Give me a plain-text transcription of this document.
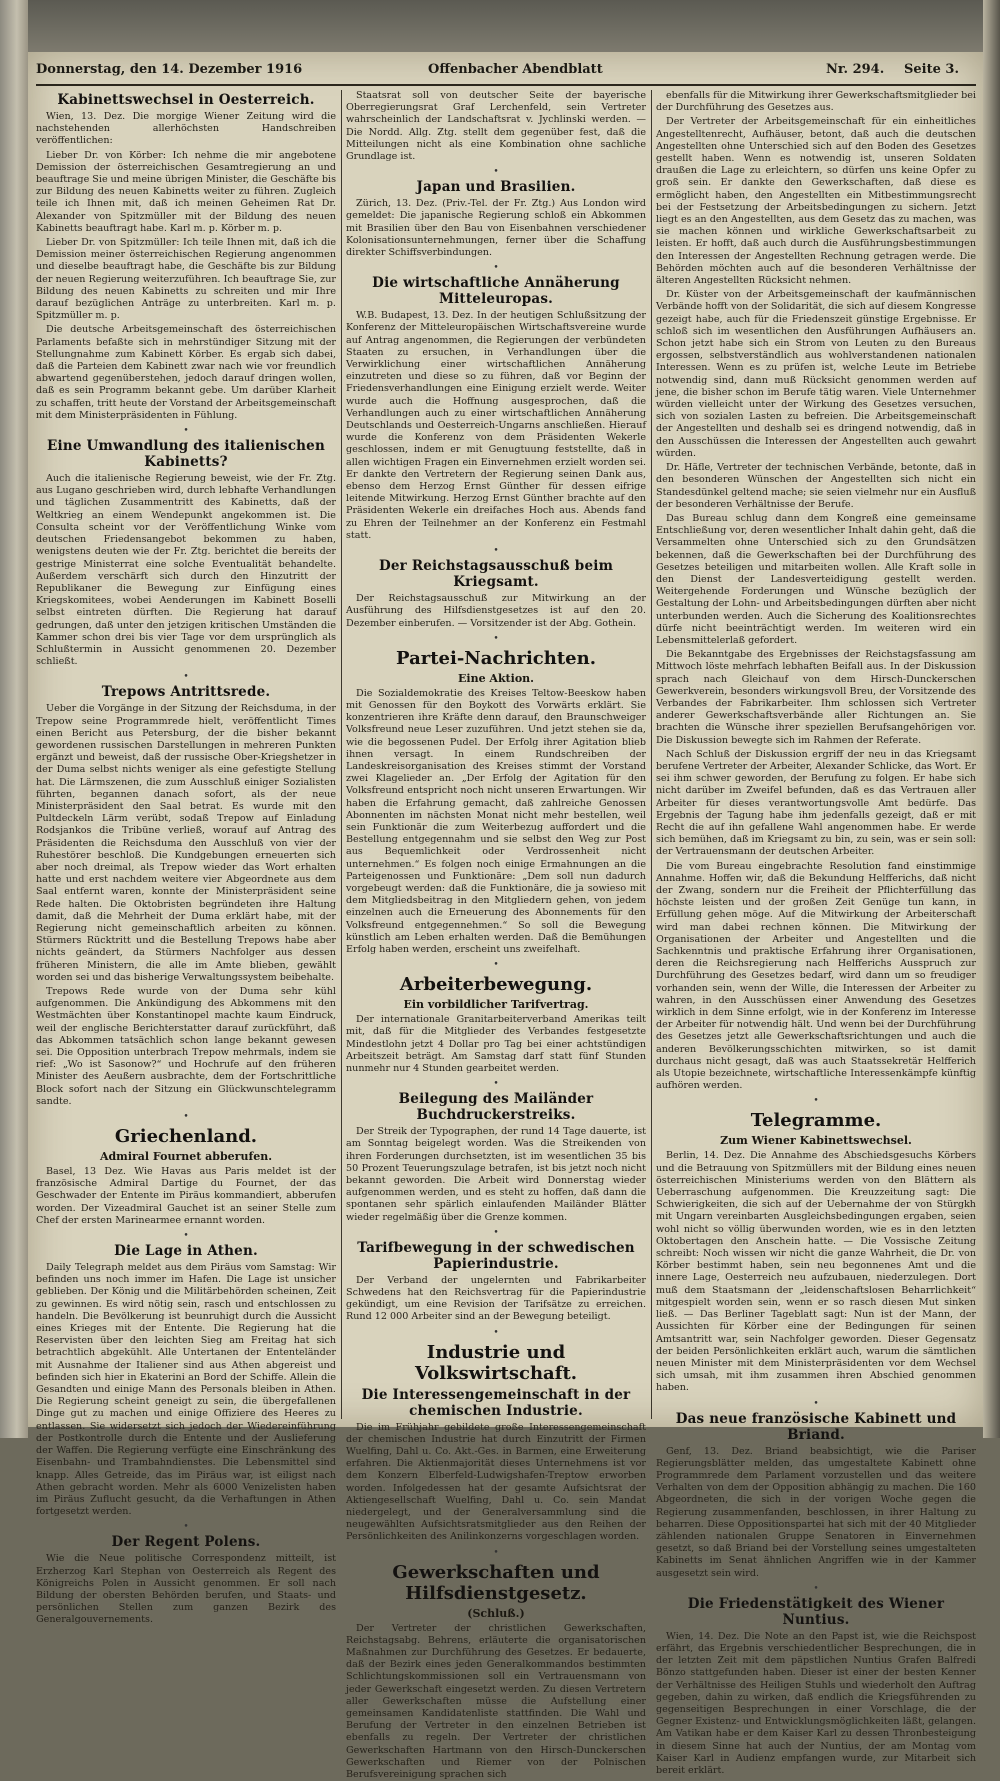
Donnerstag, den 14. Dezember 1916	Offenbacher Abendblatt	Nr. 294. Seite 3.
Kabinettswechsel in Oesterreich.

Wien, 13. Dez. Die morgige Wiener Zeitung wird die nachstehenden allerhöchsten Handschreiben veröffentlichen:

Lieber Dr. von Körber: Ich nehme die mir angebotene Demission der österreichischen Gesamtregierung an und beauftrage Sie und meine übrigen Minister, die Geschäfte bis zur Bildung des neuen Kabinetts weiter zu führen. Zugleich teile ich Ihnen mit, daß ich meinen Geheimen Rat Dr. Alexander von Spitzmüller mit der Bildung des neuen Kabinetts beauftragt habe. Karl m. p. Körber m. p.

Lieber Dr. von Spitzmüller: Ich teile Ihnen mit, daß ich die Demission meiner österreichischen Regierung angenommen und dieselbe beauftragt habe, die Geschäfte bis zur Bildung der neuen Regierung weiterzuführen. Ich beauftrage Sie, zur Bildung des neuen Kabinetts zu schreiten und mir Ihre darauf bezüglichen Anträge zu unterbreiten. Karl m. p. Spitzmüller m. p.

Die deutsche Arbeitsgemeinschaft des österreichischen Parlaments befaßte sich in mehrstündiger Sitzung mit der Stellungnahme zum Kabinett Körber. Es ergab sich dabei, daß die Parteien dem Kabinett zwar nach wie vor freundlich abwartend gegenüberstehen, jedoch darauf dringen wollen, daß es sein Programm bekannt gebe. Um darüber Klarheit zu schaffen, tritt heute der Vorstand der Arbeitsgemeinschaft mit dem Ministerpräsidenten in Fühlung.

•
Eine Umwandlung des italienischen Kabinetts?

Auch die italienische Regierung beweist, wie der Fr. Ztg. aus Lugano geschrieben wird, durch lebhafte Verhandlungen und täglichen Zusammentritt des Kabinetts, daß der Weltkrieg an einem Wendepunkt angekommen ist. Die Consulta scheint vor der Veröffentlichung Winke vom deutschen Friedensangebot bekommen zu haben, wenigstens deuten wie der Fr. Ztg. berichtet die bereits der gestrige Ministerrat eine solche Eventualität behandelte. Außerdem verschärft sich durch den Hinzutritt der Republikaner die Bewegung zur Einfügung eines Kriegskomitees, wobei Aenderungen im Kabinett Boselli selbst eintreten dürften. Die Regierung hat darauf gedrungen, daß unter den jetzigen kritischen Umständen die Kammer schon drei bis vier Tage vor dem ursprünglich als Schlußtermin in Aussicht genommenen 20. Dezember schließt.

•
Trepows Antrittsrede.

Ueber die Vorgänge in der Sitzung der Reichsduma, in der Trepow seine Programmrede hielt, veröffentlicht Times einen Bericht aus Petersburg, der die bisher bekannt gewordenen russischen Darstellungen in mehreren Punkten ergänzt und beweist, daß der russische Ober-Kriegshetzer in der Duma selbst nichts weniger als eine gefestigte Stellung hat. Die Lärmszenen, die zum Ausschluß einiger Sozialisten führten, begannen danach sofort, als der neue Ministerpräsident den Saal betrat. Es wurde mit den Pultdeckeln Lärm verübt, sodaß Trepow auf Einladung Rodsjankos die Tribüne verließ, worauf auf Antrag des Präsidenten die Reichsduma den Ausschluß von vier der Ruhestörer beschloß. Die Kundgebungen erneuerten sich aber noch dreimal, als Trepow wieder das Wort erhalten hatte und erst nachdem weitere vier Abgeordnete aus dem Saal entfernt waren, konnte der Ministerpräsident seine Rede halten. Die Oktobristen begründeten ihre Haltung damit, daß die Mehrheit der Duma erklärt habe, mit der Regierung nicht gemeinschaftlich arbeiten zu können. Stürmers Rücktritt und die Bestellung Trepows habe aber nichts geändert, da Stürmers Nachfolger aus dessen früheren Ministern, die alle im Amte blieben, gewählt worden sei und das bisherige Verwaltungssystem beibehalte.

Trepows Rede wurde von der Duma sehr kühl aufgenommen. Die Ankündigung des Abkommens mit den Westmächten über Konstantinopel machte kaum Eindruck, weil der englische Berichterstatter darauf zurückführt, daß das Abkommen tatsächlich schon lange bekannt gewesen sei. Die Opposition unterbrach Trepow mehrmals, indem sie rief: „Wo ist Sasonow?“ und Hochrufe auf den früheren Minister des Aeußern ausbrachte, dem der Fortschrittliche Block sofort nach der Sitzung ein Glückwunschtelegramm sandte.

•
Griechenland.
Admiral Fournet abberufen.

Basel, 13 Dez. Wie Havas aus Paris meldet ist der französische Admiral Dartige du Fournet, der das Geschwader der Entente im Piräus kommandiert, abberufen worden. Der Vizeadmiral Gauchet ist an seiner Stelle zum Chef der ersten Marinearmee ernannt worden.

•
Die Lage in Athen.

Daily Telegraph meldet aus dem Piräus vom Samstag: Wir befinden uns noch immer im Hafen. Die Lage ist unsicher geblieben. Der König und die Militärbehörden scheinen, Zeit zu gewinnen. Es wird nötig sein, rasch und entschlossen zu handeln. Die Bevölkerung ist beunruhigt durch die Aussicht eines Krieges mit der Entente. Die Regierung hat die Reservisten über den leichten Sieg am Freitag hat sich betrachtlich abgekühlt. Alle Untertanen der Ententeländer mit Ausnahme der Italiener sind aus Athen abgereist und befinden sich hier in Ekaterini an Bord der Schiffe. Allein die Gesandten und einige Mann des Personals bleiben in Athen. Die Regierung scheint geneigt zu sein, die übergefallenen Dinge gut zu machen und einige Offiziere des Heeres zu entlassen. Sie widersetzt sich jedoch der Wiedereinführung der Postkontrolle durch die Entente und der Auslieferung der Waffen. Die Regierung verfügte eine Einschränkung des Eisenbahn- und Trambahndienstes. Die Lebensmittel sind knapp. Alles Getreide, das im Piräus war, ist eiligst nach Athen gebracht worden. Mehr als 6000 Venizelisten haben im Piräus Zuflucht gesucht, da die Verhaftungen in Athen fortgesetzt werden.

•
Der Regent Polens.

Wie die Neue politische Correspondenz mitteilt, ist Erzherzog Karl Stephan von Oesterreich als Regent des Königreichs Polen in Aussicht genommen. Er soll nach Bildung der obersten Behörden berufen, und Staats- und persönlichen Stellen zum ganzen Bezirk des Generalgouvernements.

Staatsrat soll von deutscher Seite der bayerische Oberregierungsrat Graf Lerchenfeld, sein Vertreter wahrscheinlich der Landschaftsrat v. Jychlinski werden. — Die Nordd. Allg. Ztg. stellt dem gegenüber fest, daß die Mitteilungen nicht als eine Kombination ohne sachliche Grundlage ist.

•
Japan und Brasilien.

Zürich, 13. Dez. (Priv.-Tel. der Fr. Ztg.) Aus London wird gemeldet: Die japanische Regierung schloß ein Abkommen mit Brasilien über den Bau von Eisenbahnen verschiedener Kolonisationsunternehmungen, ferner über die Schaffung direkter Schiffsverbindungen.

•
Die wirtschaftliche Annäherung Mitteleuropas.

W.B. Budapest, 13. Dez. In der heutigen Schlußsitzung der Konferenz der Mitteleuropäischen Wirtschaftsvereine wurde auf Antrag angenommen, die Regierungen der verbündeten Staaten zu ersuchen, in Verhandlungen über die Verwirklichung einer wirtschaftlichen Annäherung einzutreten und diese so zu führen, daß vor Beginn der Friedensverhandlungen eine Einigung erzielt werde. Weiter wurde auch die Hoffnung ausgesprochen, daß die Verhandlungen auch zu einer wirtschaftlichen Annäherung Deutschlands und Oesterreich-Ungarns anschließen. Hierauf wurde die Konferenz von dem Präsidenten Wekerle geschlossen, indem er mit Genugtuung feststellte, daß in allen wichtigen Fragen ein Einvernehmen erzielt worden sei. Er dankte den Vertretern der Regierung seinen Dank aus, ebenso dem Herzog Ernst Günther für dessen eifrige leitende Mitwirkung. Herzog Ernst Günther brachte auf den Präsidenten Wekerle ein dreifaches Hoch aus. Abends fand zu Ehren der Teilnehmer an der Konferenz ein Festmahl statt.

•
Der Reichstagsausschuß beim Kriegsamt.

Der Reichstagsausschuß zur Mitwirkung an der Ausführung des Hilfsdienstgesetzes ist auf den 20. Dezember einberufen. — Vorsitzender ist der Abg. Gothein.

•
Partei-Nachrichten.
Eine Aktion.

Die Sozialdemokratie des Kreises Teltow-Beeskow haben mit Genossen für den Boykott des Vorwärts erklärt. Sie konzentrieren ihre Kräfte denn darauf, den Braunschweiger Volksfreund neue Leser zuzuführen. Und jetzt stehen sie da, wie die begossenen Pudel. Der Erfolg ihrer Agitation blieb ihnen versagt. In einem Rundschreiben der Landeskreisorganisation des Kreises stimmt der Vorstand zwei Klagelieder an. „Der Erfolg der Agitation für den Volksfreund entspricht noch nicht unseren Erwartungen. Wir haben die Erfahrung gemacht, daß zahlreiche Genossen Abonnenten im nächsten Monat nicht mehr bestellen, weil sein Funktionär die zum Weiterbezug auffordert und die Bestellung entgegennahm und sie selbst den Weg zur Post aus Bequemlichkeit oder Verdrossenheit nicht unternehmen.“ Es folgen noch einige Ermahnungen an die Parteigenossen und Funktionäre: „Dem soll nun dadurch vorgebeugt werden: daß die Funktionäre, die ja sowieso mit dem Mitgliedsbeitrag in den Mitgliedern gehen, von jedem einzelnen auch die Erneuerung des Abonnements für den Volksfreund entgegennehmen.“ So soll die Bewegung künstlich am Leben erhalten werden. Daß die Bemühungen Erfolg haben werden, erscheint uns zweifelhaft.

•
Arbeiterbewegung.
Ein vorbildlicher Tarifvertrag.

Der internationale Granitarbeiterverband Amerikas teilt mit, daß für die Mitglieder des Verbandes festgesetzte Mindestlohn jetzt 4 Dollar pro Tag bei einer achtstündigen Arbeitszeit beträgt. Am Samstag darf statt fünf Stunden nunmehr nur 4 Stunden gearbeitet werden.

•
Beilegung des Mailänder Buchdruckerstreiks.

Der Streik der Typographen, der rund 14 Tage dauerte, ist am Sonntag beigelegt worden. Was die Streikenden von ihren Forderungen durchsetzten, ist im wesentlichen 35 bis 50 Prozent Teuerungszulage betrafen, ist bis jetzt noch nicht bekannt geworden. Die Arbeit wird Donnerstag wieder aufgenommen werden, und es steht zu hoffen, daß dann die spontanen sehr spärlich einlaufenden Mailänder Blätter wieder regelmäßig über die Grenze kommen.

•
Tarifbewegung in der schwedischen Papierindustrie.

Der Verband der ungelernten und Fabrikarbeiter Schwedens hat den Reichsvertrag für die Papierindustrie gekündigt, um eine Revision der Tarifsätze zu erreichen. Rund 12 000 Arbeiter sind an der Bewegung beteiligt.

•
Industrie und Volkswirtschaft.
Die Interessengemeinschaft in der chemischen Industrie.

Die im Frühjahr gebildete große Interessengemeinschaft der chemischen Industrie hat durch Einzutritt der Firmen Wuelfing, Dahl u. Co. Akt.-Ges. in Barmen, eine Erweiterung erfahren. Die Aktienmajorität dieses Unternehmens ist vor dem Konzern Elberfeld-Ludwigshafen-Treptow erworben worden. Infolgedessen hat der gesamte Aufsichtsrat der Aktiengesellschaft Wuelfing, Dahl u. Co. sein Mandat niedergelegt, und der Generalversammlung sind die neugewählten Aufsichtsratsmitglieder aus den Reihen der Persönlichkeiten des Anilinkonzerns vorgeschlagen worden.

•
Gewerkschaften und Hilfsdienstgesetz.
(Schluß.)

Der Vertreter der christlichen Gewerkschaften, Reichstagsabg. Behrens, erläuterte die organisatorischen Maßnahmen zur Durchführung des Gesetzes. Er bedauerte, daß der Bezirk eines jeden Generalkommandos bestimmten Schlichtungskommissionen soll ein Vertrauensmann von jeder Gewerkschaft eingesetzt werden. Zu diesen Vertretern aller Gewerkschaften müsse die Aufstellung einer gemeinsamen Kandidatenliste stattfinden. Die Wahl und Berufung der Vertreter in den einzelnen Betrieben ist ebenfalls zu regeln. Der Vertreter der christlichen Gewerkschaften Hartmann von den Hirsch-Dunckerschen Gewerkschaften und Riemer von der Polnischen Berufsvereinigung sprachen sich

ebenfalls für die Mitwirkung ihrer Gewerkschaftsmitglieder bei der Durchführung des Gesetzes aus.

Der Vertreter der Arbeitsgemeinschaft für ein einheitliches Angestelltenrecht, Aufhäuser, betont, daß auch die deutschen Angestellten ohne Unterschied sich auf den Boden des Gesetzes gestellt haben. Wenn es notwendig ist, unseren Soldaten draußen die Lage zu erleichtern, so dürfen uns keine Opfer zu groß sein. Er dankte den Gewerkschaften, daß diese es ermöglicht haben, den Angestellten ein Mitbestimmungsrecht bei der Festsetzung der Arbeitsbedingungen zu sichern. Jetzt liegt es an den Angestellten, aus dem Gesetz das zu machen, was sie machen können und wirkliche Gewerkschaftsarbeit zu leisten. Er hofft, daß auch durch die Ausführungsbestimmungen den Interessen der Angestellten Rechnung getragen werde. Die Behörden möchten auch auf die besonderen Verhältnisse der älteren Angestellten Rücksicht nehmen.

Dr. Küster von der Arbeitsgemeinschaft der kaufmännischen Verbände hofft von der Solidarität, die sich auf diesem Kongresse gezeigt habe, auch für die Friedenszeit günstige Ergebnisse. Er schloß sich im wesentlichen den Ausführungen Aufhäusers an. Schon jetzt habe sich ein Strom von Leuten zu den Bureaus ergossen, selbstverständlich aus wohlverstandenen nationalen Interessen. Wenn es zu prüfen ist, welche Leute im Betriebe notwendig sind, dann muß Rücksicht genommen werden auf jene, die bisher schon im Berufe tätig waren. Viele Unternehmer würden vielleicht unter der Wirkung des Gesetzes versuchen, sich von sozialen Lasten zu befreien. Die Arbeitsgemeinschaft der Angestellten und deshalb sei es dringend notwendig, daß in den Ausschüssen die Interessen der Angestellten auch gewahrt würden.

Dr. Häfle, Vertreter der technischen Verbände, betonte, daß in den besonderen Wünschen der Angestellten sich nicht ein Standesdünkel geltend mache; sie seien vielmehr nur ein Ausfluß der besonderen Verhältnisse der Berufe.

Das Bureau schlug dann dem Kongreß eine gemeinsame Entschließung vor, deren wesentlicher Inhalt dahin geht, daß die Versammelten ohne Unterschied sich zu den Grundsätzen bekennen, daß die Gewerkschaften bei der Durchführung des Gesetzes beteiligen und mitarbeiten wollen. Alle Kraft solle in den Dienst der Landesverteidigung gestellt werden. Weitergehende Forderungen und Wünsche bezüglich der Gestaltung der Lohn- und Arbeitsbedingungen dürften aber nicht unterbunden werden. Auch die Sicherung des Koalitionsrechtes dürfe nicht beeinträchtigt werden. Im weiteren wird ein Lebensmittelerlaß gefordert.

Die Bekanntgabe des Ergebnisses der Reichstagsfassung am Mittwoch löste mehrfach lebhaften Beifall aus. In der Diskussion sprach nach Gleichauf von dem Hirsch-Dunckerschen Gewerkverein, besonders wirkungsvoll Breu, der Vorsitzende des Verbandes der Fabrikarbeiter. Ihm schlossen sich Vertreter anderer Gewerkschaftsverbände aller Richtungen an. Sie brachten die Wünsche ihrer speziellen Berufsangehörigen vor. Die Diskussion bewegte sich im Rahmen der Referate.

Nach Schluß der Diskussion ergriff der neu in das Kriegsamt berufene Vertreter der Arbeiter, Alexander Schlicke, das Wort. Er sei ihm schwer geworden, der Berufung zu folgen. Er habe sich nicht darüber im Zweifel befunden, daß es das Vertrauen aller Arbeiter für dieses verantwortungsvolle Amt bedürfe. Das Ergebnis der Tagung habe ihm jedenfalls gezeigt, daß er mit Recht die auf ihn gefallene Wahl angenommen habe. Er werde sich bemühen, daß im Kriegsamt zu bin, zu sein, was er sein soll: der Vertrauensmann der deutschen Arbeiter.

Die vom Bureau eingebrachte Resolution fand einstimmige Annahme. Hoffen wir, daß die Bekundung Helfferichs, daß nicht der Zwang, sondern nur die Freiheit der Pflichterfüllung das höchste leisten und der großen Zeit Genüge tun kann, in Erfüllung gehen möge. Auf die Mitwirkung der Arbeiterschaft wird man dabei rechnen können. Die Mitwirkung der Organisationen der Arbeiter und Angestellten und die Sachkenntnis und praktische Erfahrung ihrer Organisationen, deren die Reichsregierung nach Helfferichs Ausspruch zur Durchführung des Gesetzes bedarf, wird dann um so freudiger vorhanden sein, wenn der Wille, die Interessen der Arbeiter zu wahren, in den Ausschüssen einer Anwendung des Gesetzes wirklich in dem Sinne erfolgt, wie in der Konferenz im Interesse der Arbeiter für notwendig hält. Und wenn bei der Durchführung des Gesetzes jetzt alle Gewerkschaftsrichtungen und auch die anderen Bevölkerungsschichten mitwirken, so ist damit durchaus nicht gesagt, daß was auch Staatssekretär Helfferich als Utopie bezeichnete, wirtschaftliche Interessenkämpfe künftig aufhören werden.

•
Telegramme.
Zum Wiener Kabinettswechsel.

Berlin, 14. Dez. Die Annahme des Abschiedsgesuchs Körbers und die Betrauung von Spitzmüllers mit der Bildung eines neuen österreichischen Ministeriums werden von den Blättern als Ueberraschung aufgenommen. Die Kreuzzeitung sagt: Die Schwierigkeiten, die sich auf der Uebernahme der von Stürgkh mit Ungarn vereinbarten Ausgleichsbedingungen ergaben, seien wohl nicht so völlig überwunden worden, wie es in den letzten Oktobertagen den Anschein hatte. — Die Vossische Zeitung schreibt: Noch wissen wir nicht die ganze Wahrheit, die Dr. von Körber bestimmt haben, sein neu begonnenes Amt und die innere Lage, Oesterreich neu aufzubauen, niederzulegen. Dort muß dem Staatsmann der „leidenschaftslosen Beharrlichkeit“ mitgespielt worden sein, wenn er so rasch diesen Mut sinken ließ. — Das Berliner Tageblatt sagt: Nun ist der Mann, der Aussichten für Körber eine der Bedingungen für seinen Amtsantritt war, sein Nachfolger geworden. Dieser Gegensatz der beiden Persönlichkeiten erklärt auch, warum die sämtlichen neuen Minister mit dem Ministerpräsidenten vor dem Wechsel sich umsah, mit ihm zusammen ihren Abschied genommen haben.

•
Das neue französische Kabinett und Briand.

Genf, 13. Dez. Briand beabsichtigt, wie die Pariser Regierungsblätter melden, das umgestaltete Kabinett ohne Programmrede dem Parlament vorzustellen und das weitere Verhalten von dem der Opposition abhängig zu machen. Die 160 Abgeordneten, die sich in der vorigen Woche gegen die Regierung zusammenfanden, beschlossen, in ihrer Haltung zu beharren. Diese Oppositionspartei hat sich mit der 40 Mitglieder zählenden nationalen Gruppe Senatoren in Einvernehmen gesetzt, so daß Briand bei der Vorstellung seines umgestalteten Kabinetts im Senat ähnlichen Angriffen wie in der Kammer ausgesetzt sein wird.

•
Die Friedenstätigkeit des Wiener Nuntius.

Wien, 14. Dez. Die Note an den Papst ist, wie die Reichspost erfährt, das Ergebnis verschiedentlicher Besprechungen, die in der letzten Zeit mit dem päpstlichen Nuntius Grafen Balfredi Bönzo stattgefunden haben. Dieser ist einer der besten Kenner der Verhältnisse des Heiligen Stuhls und wiederholt den Auftrag gegeben, dahin zu wirken, daß endlich die Kriegsführenden zu gegenseitigen Besprechungen in einer Vorschlage, die der Gegner Existenz- und Entwicklungsmöglichkeiten läßt, gelangen. Am Vatikan habe er dem Kaiser Karl zu dessen Thronbesteigung in diesem Sinne hat auch der Nuntius, der am Montag vom Kaiser Karl in Audienz empfangen wurde, zur Mitarbeit sich bereit erklärt.
